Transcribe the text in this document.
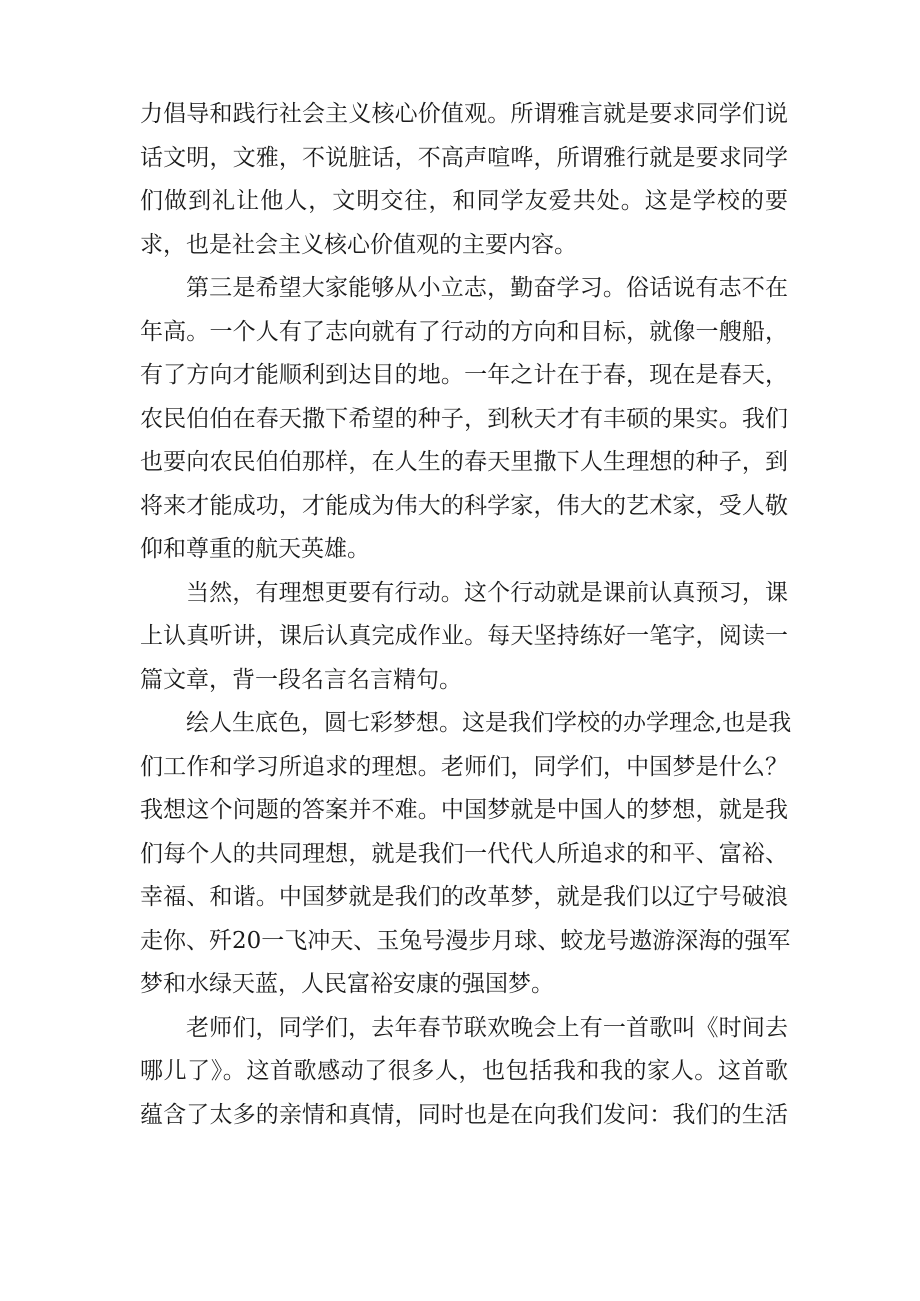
力倡导和践行社会主义核心价值观。所谓雅言就是要求同学们说
话文明，文雅，不说脏话，不高声喧哗，所谓雅行就是要求同学
们做到礼让他人，文明交往，和同学友爱共处。这是学校的要
求，也是社会主义核心价值观的主要内容。
第三是希望大家能够从小立志，勤奋学习。俗话说有志不在
年高。一个人有了志向就有了行动的方向和目标，就像一艘船，
有了方向才能顺利到达目的地。一年之计在于春，现在是春天，
农民伯伯在春天撒下希望的种子，到秋天才有丰硕的果实。我们
也要向农民伯伯那样，在人生的春天里撒下人生理想的种子，到
将来才能成功，才能成为伟大的科学家，伟大的艺术家，受人敬
仰和尊重的航天英雄。
当然，有理想更要有行动。这个行动就是课前认真预习，课
上认真听讲，课后认真完成作业。每天坚持练好一笔字，阅读一
篇文章，背一段名言名言精句。
绘人生底色，圆七彩梦想。这是我们学校的办学理念,也是我
们工作和学习所追求的理想。老师们，同学们，中国梦是什么？
我想这个问题的答案并不难。中国梦就是中国人的梦想，就是我
们每个人的共同理想，就是我们一代代人所追求的和平、富裕、
幸福、和谐。中国梦就是我们的改革梦，就是我们以辽宁号破浪
走你、歼20一飞冲天、玉兔号漫步月球、蛟龙号遨游深海的强军
梦和水绿天蓝，人民富裕安康的强国梦。
老师们，同学们，去年春节联欢晚会上有一首歌叫《时间去
哪儿了》。这首歌感动了很多人，也包括我和我的家人。这首歌
蕴含了太多的亲情和真情，同时也是在向我们发问：我们的生活
